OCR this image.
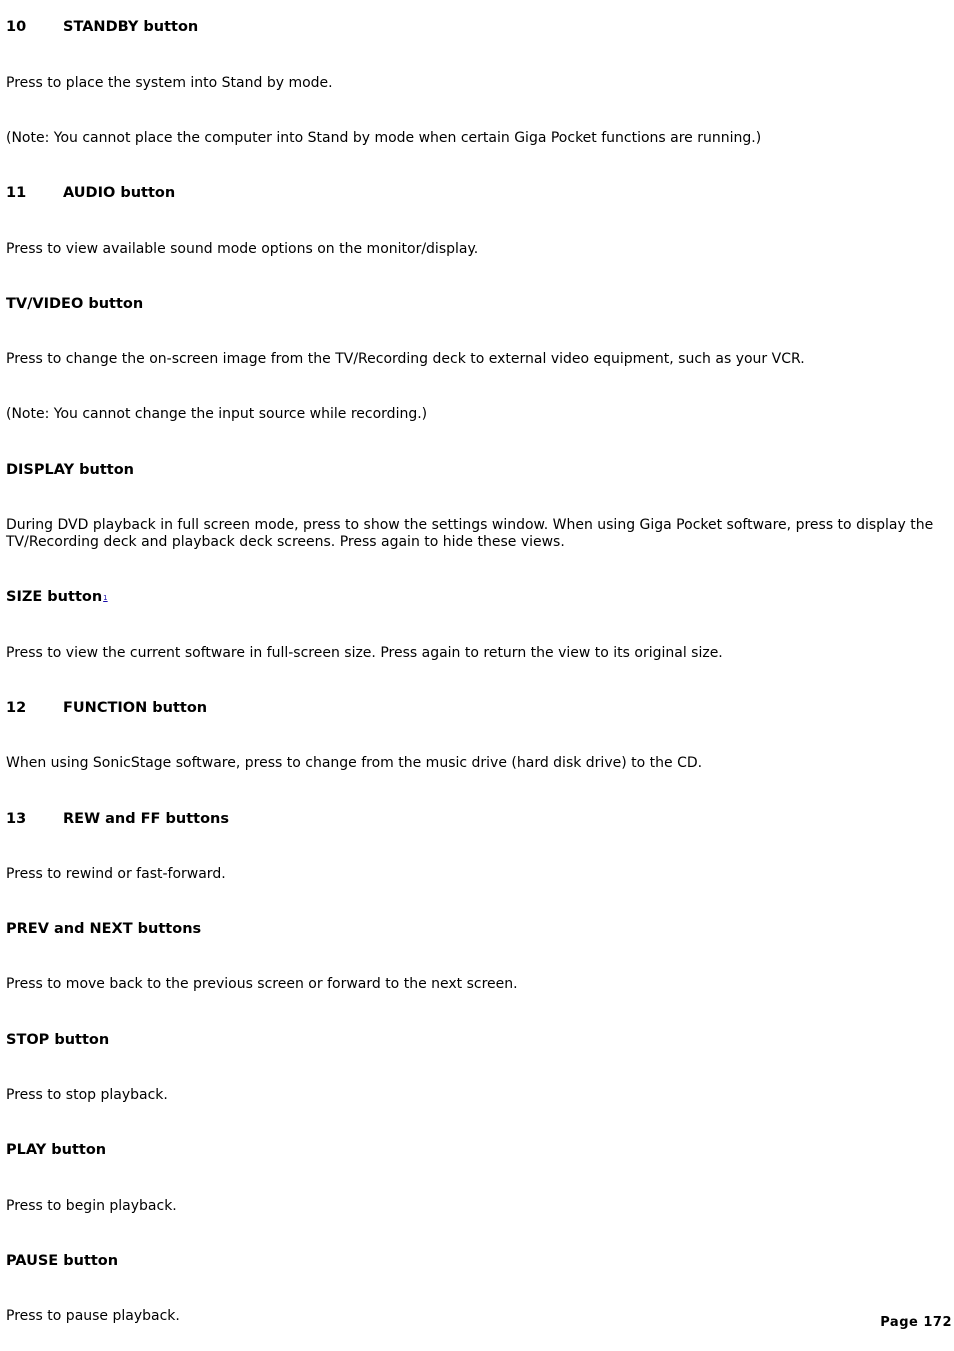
10	STANDBY button
Press to place the system into Stand by mode.
(Note: You cannot place the computer into Stand by mode when certain Giga Pocket functions are running.)
11	AUDIO button
Press to view available sound mode options on the monitor/display.
TV/VIDEO button
Press to change the on-screen image from the TV/Recording deck to external video equipment, such as your VCR.
(Note: You cannot change the input source while recording.)
DISPLAY button
During DVD playback in full screen mode, press to show the settings window. When using Giga Pocket software, press to display the TV/Recording deck and playback deck screens. Press again to hide these views.
SIZE button1
Press to view the current software in full-screen size. Press again to return the view to its original size.
12	FUNCTION button
When using SonicStage software, press to change from the music drive (hard disk drive) to the CD.
13	REW and FF buttons
Press to rewind or fast-forward.
PREV and NEXT buttons
Press to move back to the previous screen or forward to the next screen.
STOP button
Press to stop playback.
PLAY button
Press to begin playback.
PAUSE button
Press to pause playback.	Page 172
